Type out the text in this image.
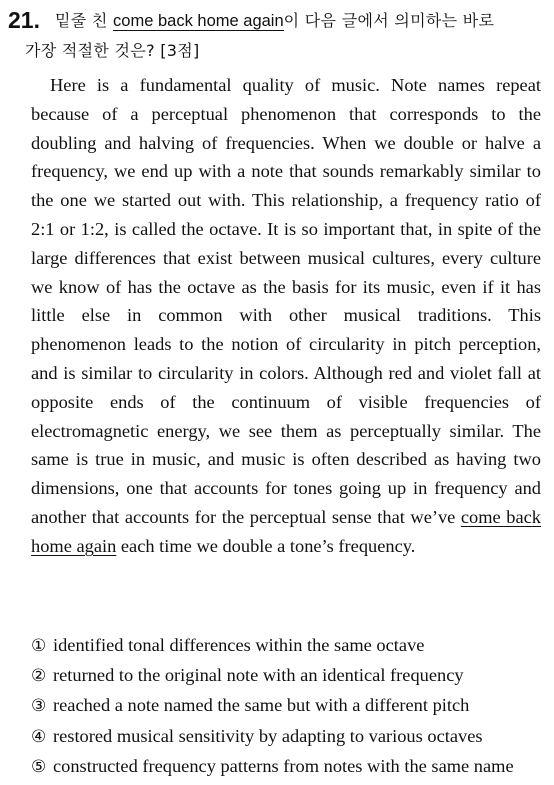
21. 밑줄 친 come back home again이 다음 글에서 의미하는 바로
가장 적절한 것은? [3점]
Here is a fundamental quality of music. Note names repeat because of a perceptual phenomenon that corresponds to the doubling and halving of frequencies. When we double or halve a frequency, we end up with a note that sounds remarkably similar to the one we started out with. This relationship, a frequency ratio of 2:1 or 1:2, is called the octave. It is so important that, in spite of the large differences that exist between musical cultures, every culture we know of has the octave as the basis for its music, even if it has little else in common with other musical traditions. This phenomenon leads to the notion of circularity in pitch perception, and is similar to circularity in colors. Although red and violet fall at opposite ends of the continuum of visible frequencies of electromagnetic energy, we see them as perceptually similar. The same is true in music, and music is often described as having two dimensions, one that accounts for tones going up in frequency and another that accounts for the perceptual sense that we’ve come back home again each time we double a tone’s frequency.
① identified tonal differences within the same octave
② returned to the original note with an identical frequency
③ reached a note named the same but with a different pitch
④ restored musical sensitivity by adapting to various octaves
⑤ constructed frequency patterns from notes with the same name
